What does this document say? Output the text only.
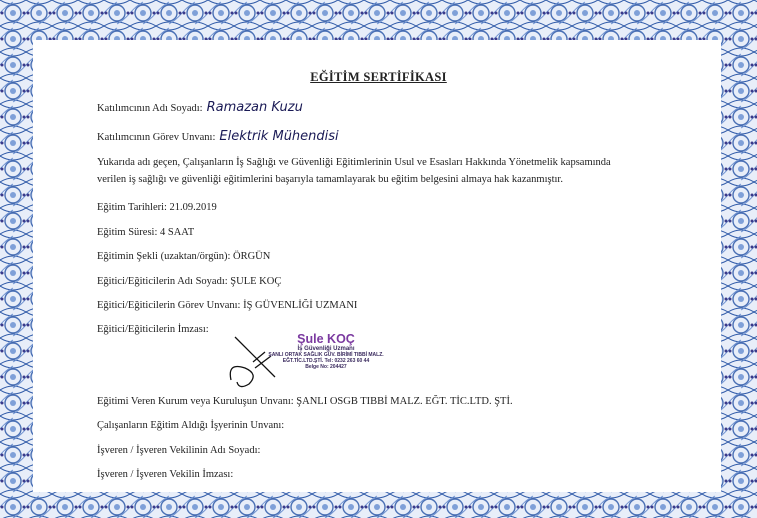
EĞİTİM SERTİFİKASI
Katılımcının Adı Soyadı: Ramazan Kuzu
Katılımcının Görev Unvanı: Elektrik Mühendisi
Yukarıda adı geçen, Çalışanların İş Sağlığı ve Güvenliği Eğitimlerinin Usul ve Esasları Hakkında Yönetmelik kapsamında
verilen iş sağlığı ve güvenliği eğitimlerini başarıyla tamamlayarak bu eğitim belgesini almaya hak kazanmıştır.
Eğitim Tarihleri: 21.09.2019
Eğitim Süresi: 4 SAAT
Eğitimin Şekli (uzaktan/örgün): ÖRGÜN
Eğitici/Eğiticilerin Adı Soyadı: ŞULE KOÇ
Eğitici/Eğiticilerin Görev Unvanı: İŞ GÜVENLİĞİ UZMANI
Eğitici/Eğiticilerin İmzası:
Şule KOÇ
İş Güvenliği Uzmanı
ŞANLI ORTAK SAĞLIK GÜV. BİRİMİ TIBBİ MALZ.
EĞT.TİC.LTD.ŞTİ. Tel: 0232 263 60 44
Belge No: 204427
Eğitimi Veren Kurum veya Kuruluşun Unvanı: ŞANLI OSGB TIBBİ MALZ. EĞT. TİC.LTD. ŞTİ.
Çalışanların Eğitim Aldığı İşyerinin Unvanı:
İşveren / İşveren Vekilinin Adı Soyadı:
İşveren / İşveren Vekilin İmzası:
